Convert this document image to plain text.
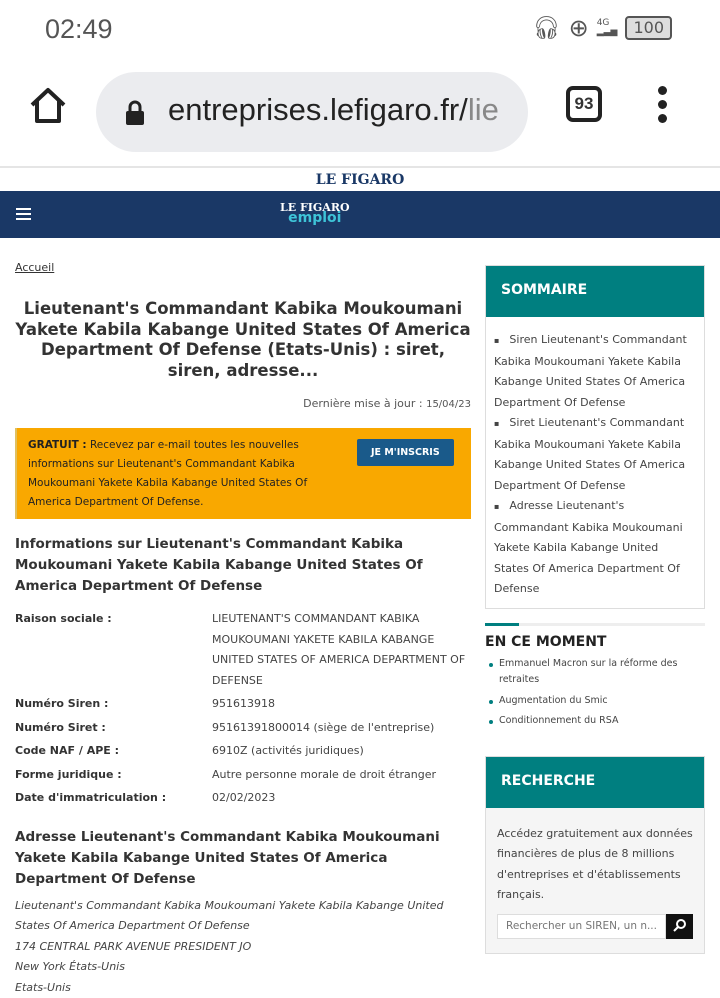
02:49	🎧︎ ⊕ 4G
▂▃▅	100
entreprises.lefigaro.fr/lie	93
LE FIGARO
LE FIGARO
emploi
Accueil
Lieutenant's Commandant Kabika Moukoumani Yakete Kabila Kabange United States Of America Department Of Defense (Etats-Unis) : siret, siren, adresse...
Dernière mise à jour : 15/04/23
GRATUIT : Recevez par e-mail toutes les nouvelles informations sur Lieutenant's Commandant Kabika Moukoumani Yakete Kabila Kabange United States Of America Department Of Defense.
JE M'INSCRIS
Informations sur Lieutenant's Commandant Kabika Moukoumani Yakete Kabila Kabange United States Of America Department Of Defense
Raison sociale :	LIEUTENANT'S COMMANDANT KABIKA MOUKOUMANI YAKETE KABILA KABANGE UNITED STATES OF AMERICA DEPARTMENT OF DEFENSE
Numéro Siren :	951613918
Numéro Siret :	95161391800014 (siège de l'entreprise)
Code NAF / APE :	6910Z (activités juridiques)
Forme juridique :	Autre personne morale de droit étranger
Date d'immatriculation :	02/02/2023
Adresse Lieutenant's Commandant Kabika Moukoumani Yakete Kabila Kabange United States Of America Department Of Defense
Lieutenant's Commandant Kabika Moukoumani Yakete Kabila Kabange United States Of America Department Of Defense
174 CENTRAL PARK AVENUE PRESIDENT JO
New York États-Unis
Etats-Unis
SOMMAIRE
▪ Siren Lieutenant's Commandant Kabika Moukoumani Yakete Kabila Kabange United States Of America Department Of Defense
▪ Siret Lieutenant's Commandant Kabika Moukoumani Yakete Kabila Kabange United States Of America Department Of Defense
▪ Adresse Lieutenant's Commandant Kabika Moukoumani Yakete Kabila Kabange United States Of America Department Of Defense
EN CE MOMENT
Emmanuel Macron sur la réforme des retraites
Augmentation du Smic
Conditionnement du RSA
RECHERCHE
Accédez gratuitement aux données financières de plus de 8 millions d'entreprises et d'établissements français.
Rechercher un SIREN, un n...
